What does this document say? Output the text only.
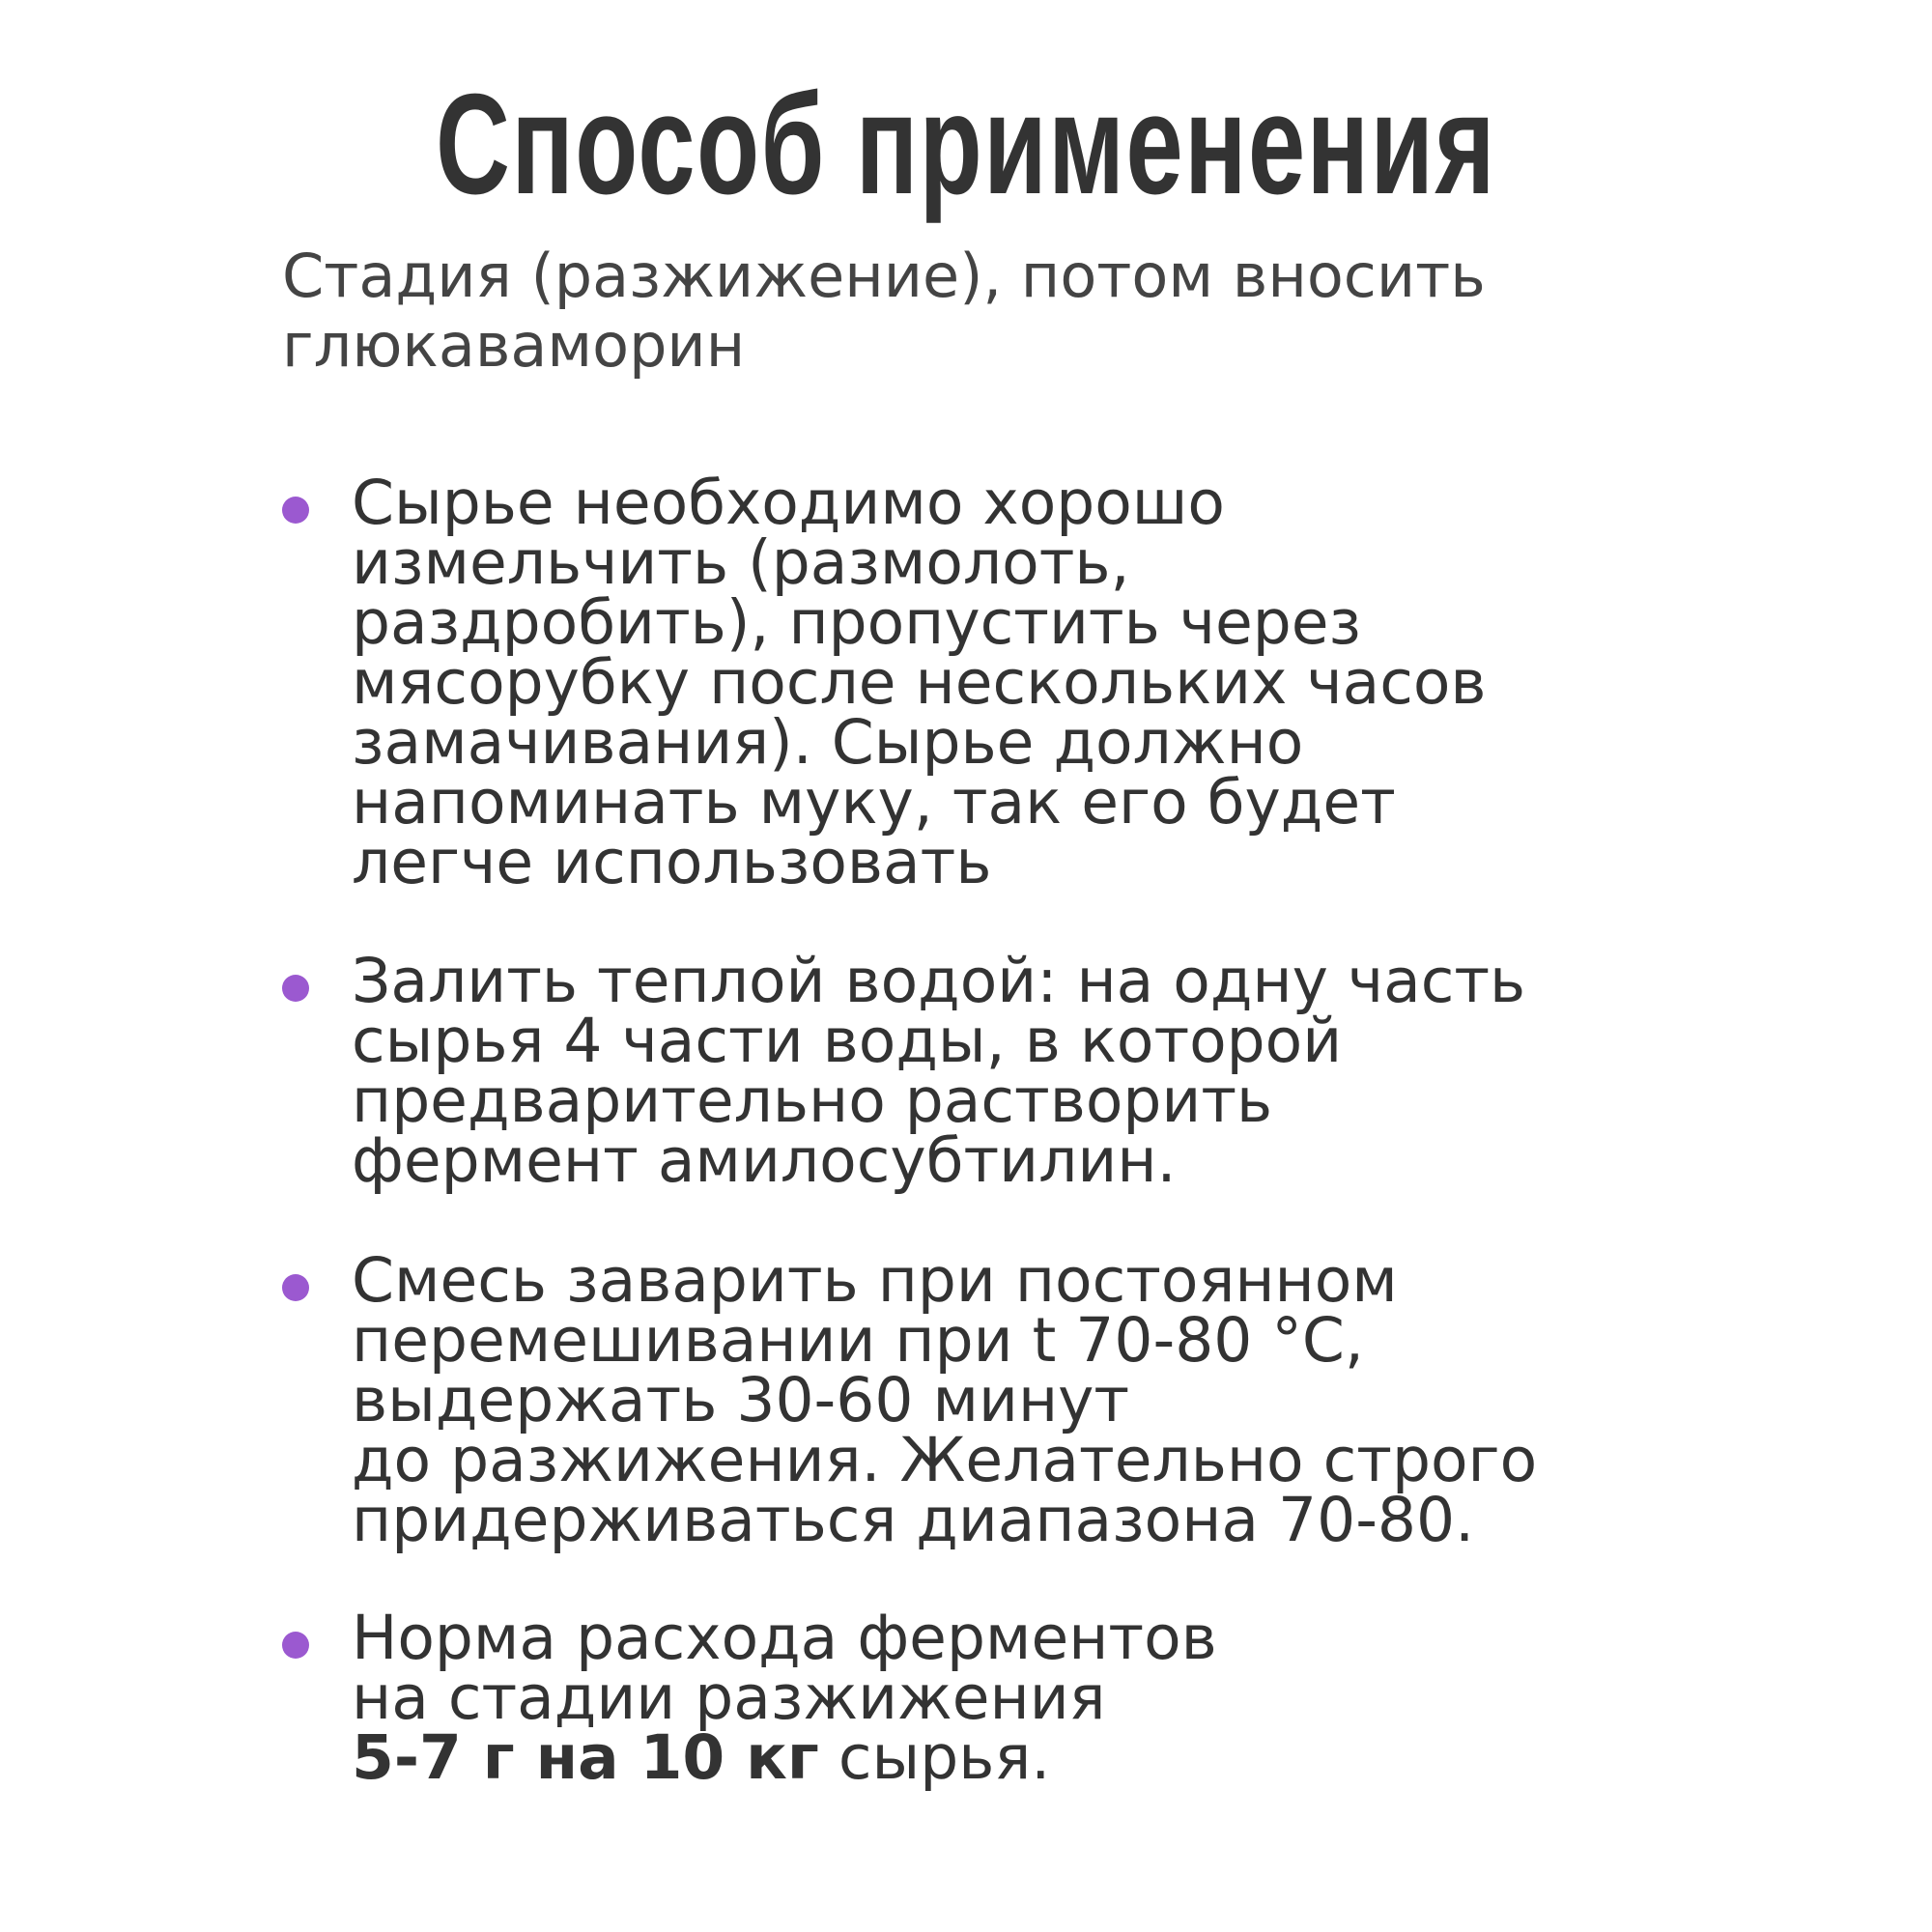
Способ применения
Стадия (разжижение), потом вносить
глюкаваморин
Сырье необходимо хорошо
измельчить (размолоть,
раздробить), пропустить через
мясорубку после нескольких часов
замачивания). Сырье должно
напоминать муку, так его будет
легче использовать
Залить теплой водой: на одну часть
сырья 4 части воды, в которой
предварительно растворить
фермент амилосубтилин.
Смесь заварить при постоянном
перемешивании при t 70-80 °C,
выдержать 30-60 минут
до разжижения. Желательно строго
придерживаться диапазона 70-80.
Норма расхода ферментов
на стадии разжижения
5-7 г на 10 кг сырья.
